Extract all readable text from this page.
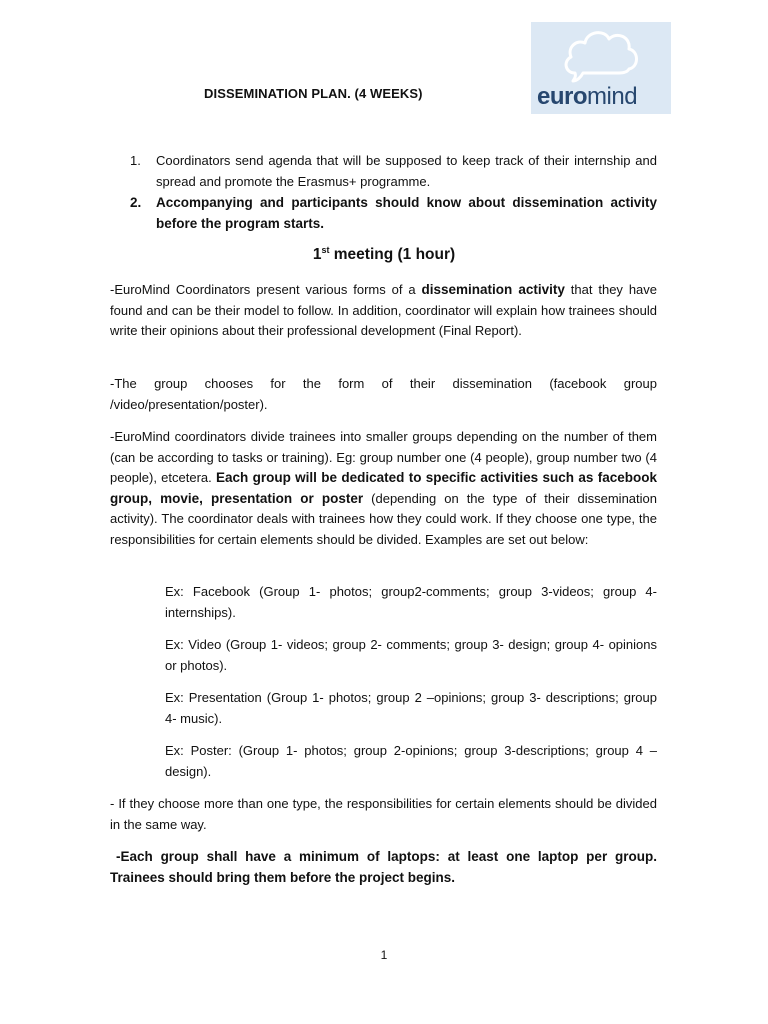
euromind
DISSEMINATION PLAN. (4 WEEKS)
1.	Coordinators send agenda that will be supposed to keep track of their internship and spread and promote the Erasmus+ programme.
2.	Accompanying and participants should know about dissemination activity before the program starts.
1st meeting (1 hour)
-EuroMind Coordinators present various forms of a dissemination activity that they have found and can be their model to follow. In addition, coordinator will explain how trainees should write their opinions about their professional development (Final Report).
-The group chooses for the form of their dissemination (facebook group /video/presentation/poster).
-EuroMind coordinators divide trainees into smaller groups depending on the number of them (can be according to tasks or training). Eg: group number one (4 people), group number two (4 people), etcetera. Each group will be dedicated to specific activities such as facebook group, movie, presentation or poster (depending on the type of their dissemination activity). The coordinator deals with trainees how they could work. If they choose one type, the responsibilities for certain elements should be divided. Examples are set out below:
Ex: Facebook (Group 1- photos; group2-comments; group 3-videos; group 4- internships).
Ex: Video (Group 1- videos; group 2- comments; group 3- design; group 4- opinions or photos).
Ex: Presentation (Group 1- photos; group 2 –opinions; group 3- descriptions; group 4- music).
Ex: Poster: (Group 1- photos; group 2-opinions; group 3-descriptions; group 4 –design).
- If they choose more than one type, the responsibilities for certain elements should be divided in the same way.
-Each group shall have a minimum of laptops: at least one laptop per group. Trainees should bring them before the project begins.
1
